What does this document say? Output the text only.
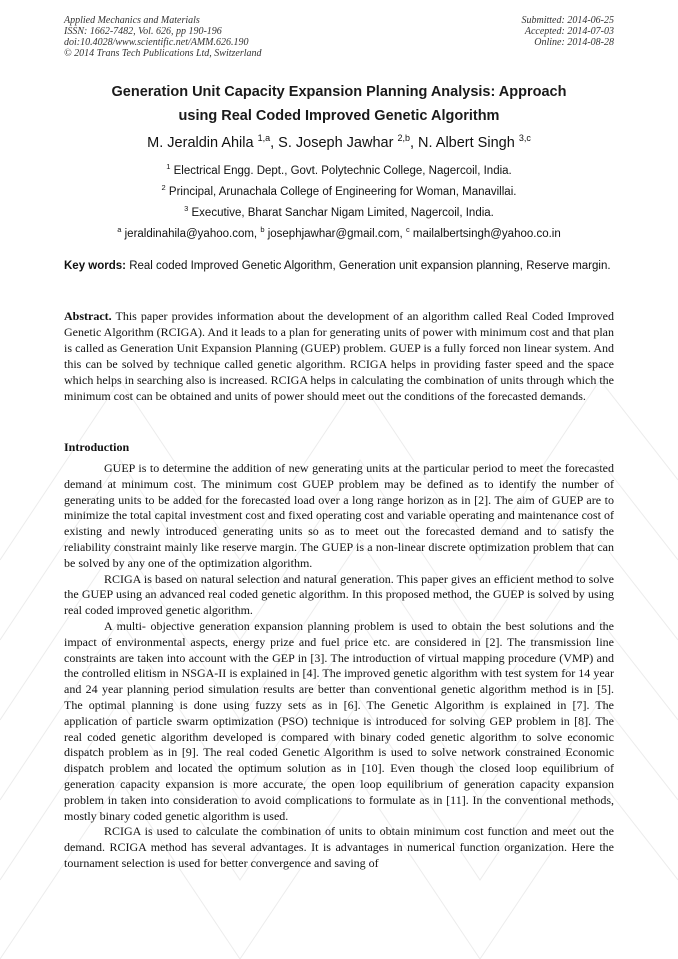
Applied Mechanics and Materials
ISSN: 1662-7482, Vol. 626, pp 190-196
doi:10.4028/www.scientific.net/AMM.626.190
© 2014 Trans Tech Publications Ltd, Switzerland
Submitted: 2014-06-25
Accepted: 2014-07-03
Online: 2014-08-28
Generation Unit Capacity Expansion Planning Analysis: Approach
using Real Coded Improved Genetic Algorithm
M. Jeraldin Ahila $^{1,a}$, S. Joseph Jawhar $^{2,b}$, N. Albert Singh $^{3,c}$
$^1$ Electrical Engg. Dept., Govt. Polytechnic College, Nagercoil, India.
$^2$ Principal, Arunachala College of Engineering for Woman, Manavillai.
$^3$ Executive, Bharat Sanchar Nigam Limited, Nagercoil, India.
$^a$ jeraldinahila@yahoo.com, $^b$ josephjawhar@gmail.com, $^c$ mailalbertsingh@yahoo.co.in
Key words: Real coded Improved Genetic Algorithm, Generation unit expansion planning, Reserve margin.
Abstract. This paper provides information about the development of an algorithm called Real Coded Improved Genetic Algorithm (RCIGA). And it leads to a plan for generating units of power with minimum cost and that plan is called as Generation Unit Expansion Planning (GUEP) problem. GUEP is a fully forced non linear system. And this can be solved by technique called genetic algorithm. RCIGA helps in providing faster speed and the space which helps in searching also is increased. RCIGA helps in calculating the combination of units through which the minimum cost can be obtained and units of power should meet out the conditions of the forecasted demands.
Introduction

GUEP is to determine the addition of new generating units at the particular period to meet the forecasted demand at minimum cost. The minimum cost GUEP problem may be defined as to identify the number of generating units to be added for the forecasted load over a long range horizon as in [2]. The aim of GUEP are to minimize the total capital investment cost and fixed operating cost and variable operating and maintenance cost of existing and newly introduced generating units so as to meet out the forecasted demand and to satisfy the reliability constraint mainly like reserve margin. The GUEP is a non-linear discrete optimization problem that can be solved by any one of the optimization algorithm.

RCIGA is based on natural selection and natural generation. This paper gives an efficient method to solve the GUEP using an advanced real coded genetic algorithm. In this proposed method, the GUEP is solved by using real coded improved genetic algorithm.

A multi- objective generation expansion planning problem is used to obtain the best solutions and the impact of environmental aspects, energy prize and fuel price etc. are considered in [2]. The transmission line constraints are taken into account with the GEP in [3]. The introduction of virtual mapping procedure (VMP) and the controlled elitism in NSGA-II is explained in [4]. The improved genetic algorithm with test system for 14 year and 24 year planning period simulation results are better than conventional genetic algorithm method is in [5]. The optimal planning is done using fuzzy sets as in [6]. The Genetic Algorithm is explained in [7]. The application of particle swarm optimization (PSO) technique is introduced for solving GEP problem in [8]. The real coded genetic algorithm developed is compared with binary coded genetic algorithm to solve economic dispatch problem as in [9]. The real coded Genetic Algorithm is used to solve network constrained Economic dispatch problem and located the optimum solution as in [10]. Even though the closed loop equilibrium of generation capacity expansion is more accurate, the open loop equilibrium of generation capacity expansion problem in taken into consideration to avoid complications to formulate as in [11]. In the conventional methods, mostly binary coded genetic algorithm is used.

RCIGA is used to calculate the combination of units to obtain minimum cost function and meet out the demand. RCIGA method has several advantages. It is advantages in numerical function organization. Here the tournament selection is used for better convergence and saving of
